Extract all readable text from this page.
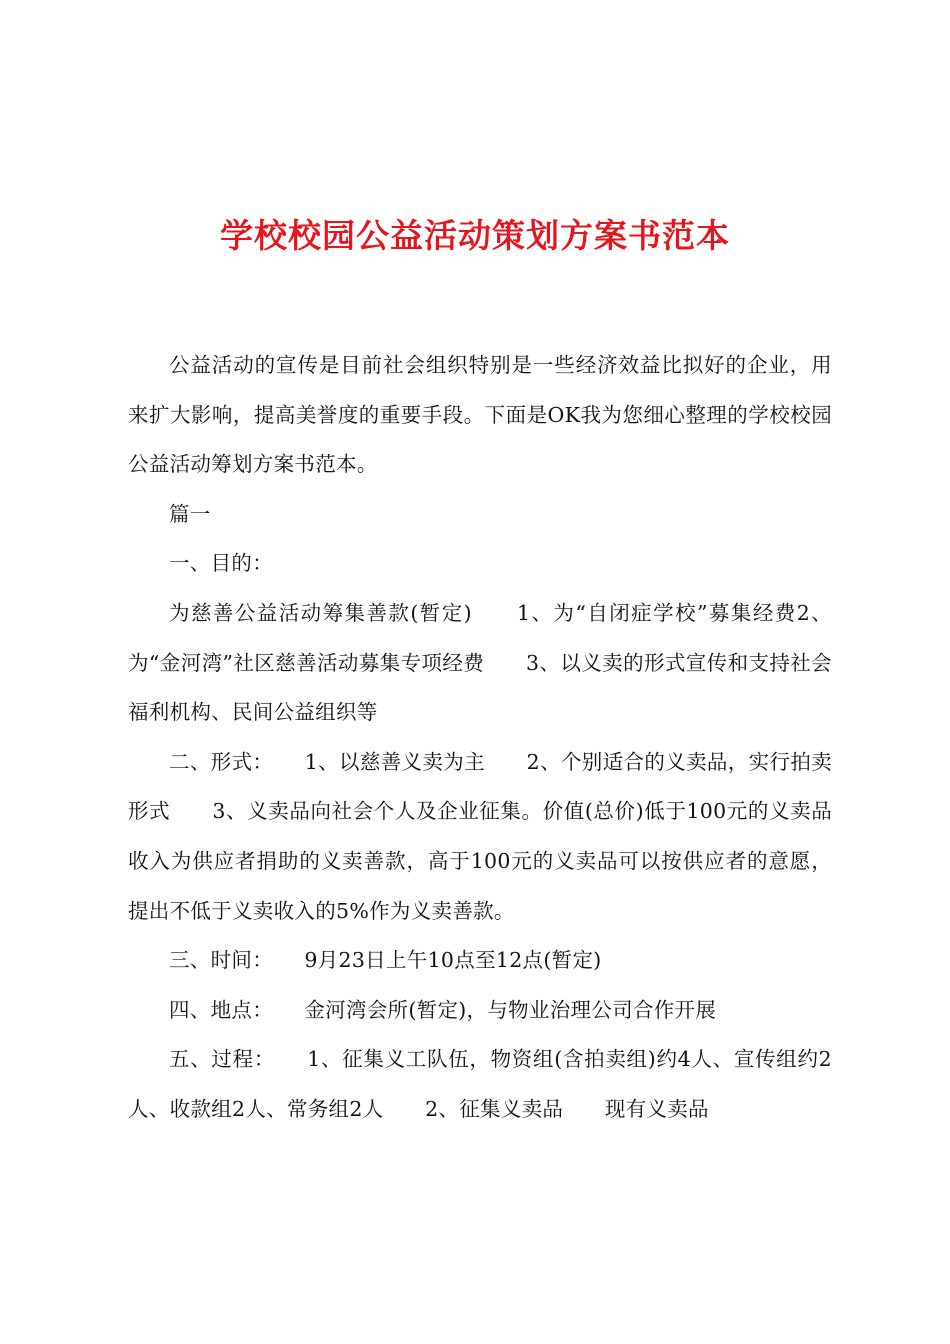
学校校园公益活动策划方案书范本

公益活动的宣传是目前社会组织特别是一些经济效益比拟好的企业，用来扩大影响，提高美誉度的重要手段。下面是OK我为您细心整理的学校校园公益活动筹划方案书范本。

篇一

一、目的：

为慈善公益活动筹集善款(暂定)　　1、为“自闭症学校”募集经费2、为“金河湾”社区慈善活动募集专项经费　　3、以义卖的形式宣传和支持社会福利机构、民间公益组织等

二、形式：　　1、以慈善义卖为主　　2、个别适合的义卖品，实行拍卖形式　　3、义卖品向社会个人及企业征集。价值(总价)低于100元的义卖品收入为供应者捐助的义卖善款，高于100元的义卖品可以按供应者的意愿，提出不低于义卖收入的5%作为义卖善款。

三、时间：　　9月23日上午10点至12点(暂定)

四、地点：　　金河湾会所(暂定)，与物业治理公司合作开展

五、过程：　　1、征集义工队伍，物资组(含拍卖组)约4人、宣传组约2人、收款组2人、常务组2人　　2、征集义卖品　　现有义卖品
